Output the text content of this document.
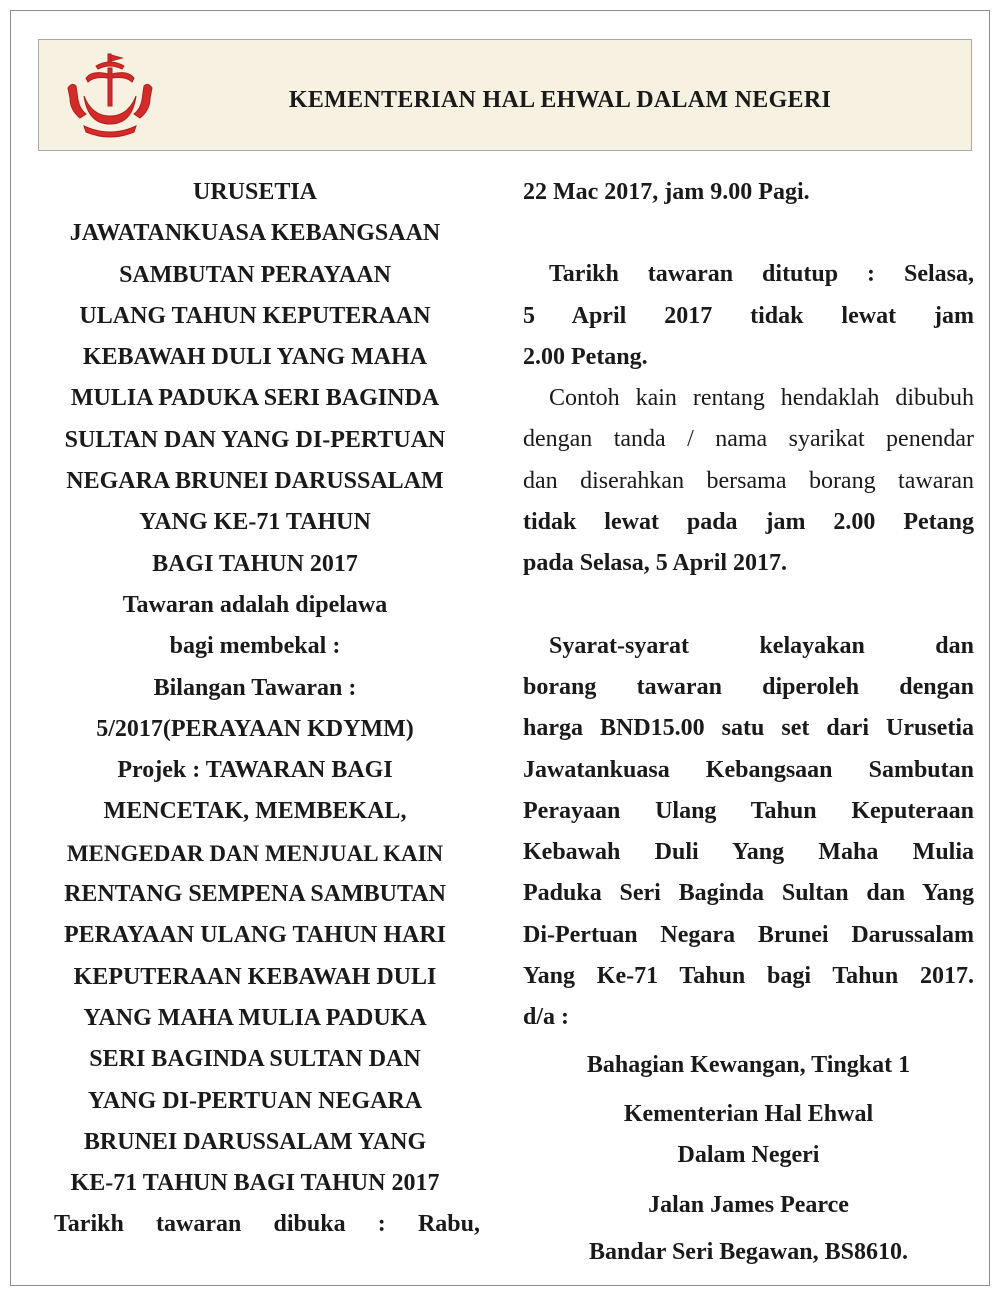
KEMENTERIAN HAL EHWAL DALAM NEGERI

URUSETIA

JAWATANKUASA KEBANGSAAN

SAMBUTAN PERAYAAN

ULANG TAHUN KEPUTERAAN

KEBAWAH DULI YANG MAHA

MULIA PADUKA SERI BAGINDA

SULTAN DAN YANG DI-PERTUAN

NEGARA BRUNEI DARUSSALAM

YANG KE-71 TAHUN

BAGI TAHUN 2017

Tawaran adalah dipelawa

bagi membekal :

Bilangan Tawaran :

5/2017(PERAYAAN KDYMM)

Projek : TAWARAN BAGI

MENCETAK, MEMBEKAL,

MENGEDAR DAN MENJUAL KAIN

RENTANG SEMPENA SAMBUTAN

PERAYAAN ULANG TAHUN HARI

KEPUTERAAN KEBAWAH DULI

YANG MAHA MULIA PADUKA

SERI BAGINDA SULTAN DAN

YANG DI-PERTUAN NEGARA

BRUNEI DARUSSALAM YANG

KE-71 TAHUN BAGI TAHUN 2017

Tarikh tawaran dibuka : Rabu,

22 Mac 2017, jam 9.00 Pagi.

Tarikh tawaran ditutup : Selasa,

5 April 2017 tidak lewat jam

2.00 Petang.

Contoh kain rentang hendaklah dibubuh

dengan tanda / nama syarikat penendar

dan diserahkan bersama borang tawaran

tidak lewat pada jam 2.00 Petang

pada Selasa, 5 April 2017.

Syarat-syarat kelayakan dan

borang tawaran diperoleh dengan

harga BND15.00 satu set dari Urusetia

Jawatankuasa Kebangsaan Sambutan

Perayaan Ulang Tahun Keputeraan

Kebawah Duli Yang Maha Mulia

Paduka Seri Baginda Sultan dan Yang

Di-Pertuan Negara Brunei Darussalam

Yang Ke-71 Tahun bagi Tahun 2017.

d/a :

Bahagian Kewangan, Tingkat 1

Kementerian Hal Ehwal

Dalam Negeri

Jalan James Pearce

Bandar Seri Begawan, BS8610.
